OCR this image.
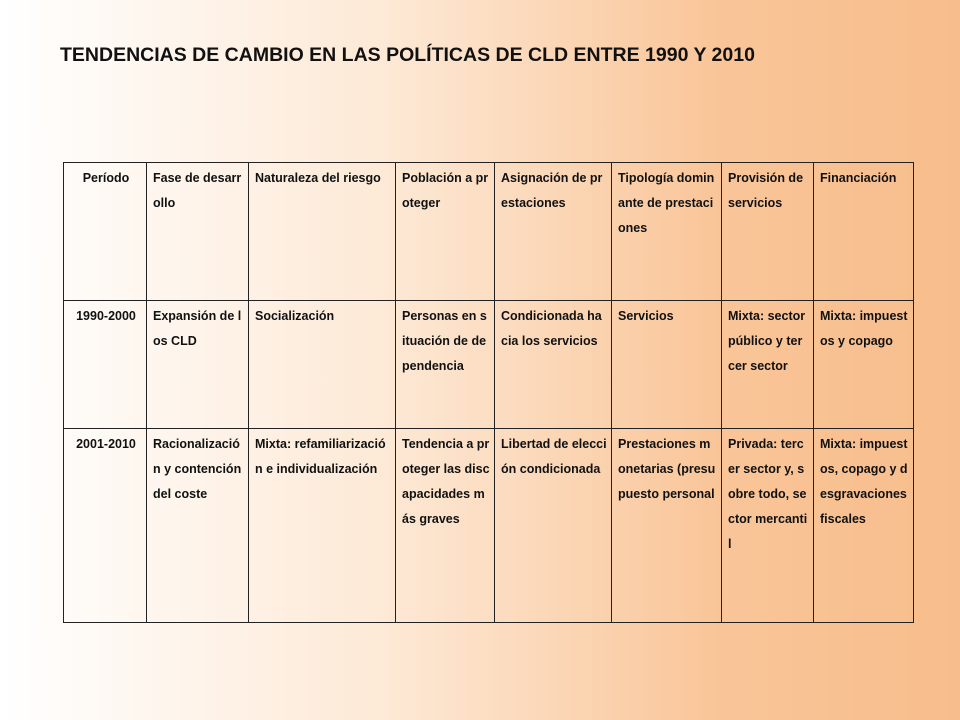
TENDENCIAS DE CAMBIO EN LAS POLÍTICAS DE CLD ENTRE 1990 Y 2010
Período	Fase de desarrollo	Naturaleza del riesgo	Población a proteger	Asignación de prestaciones	Tipología dominante de prestaciones	Provisión de servicios	Financiación
1990-2000	Expansión de los CLD	Socialización	Personas en situación de dependencia	Condicionada hacia los servicios	Servicios	Mixta: sector público y tercer sector	Mixta: impuestos y copago
2001-2010	Racionalización y contención del coste	Mixta: refamiliarización e individualización	Tendencia a proteger las discapacidades más graves	Libertad de elección condicionada	Prestaciones monetarias (presupuesto personal	Privada: tercer sector y, sobre todo, sector mercantil	Mixta: impuestos, copago y desgravaciones fiscales
